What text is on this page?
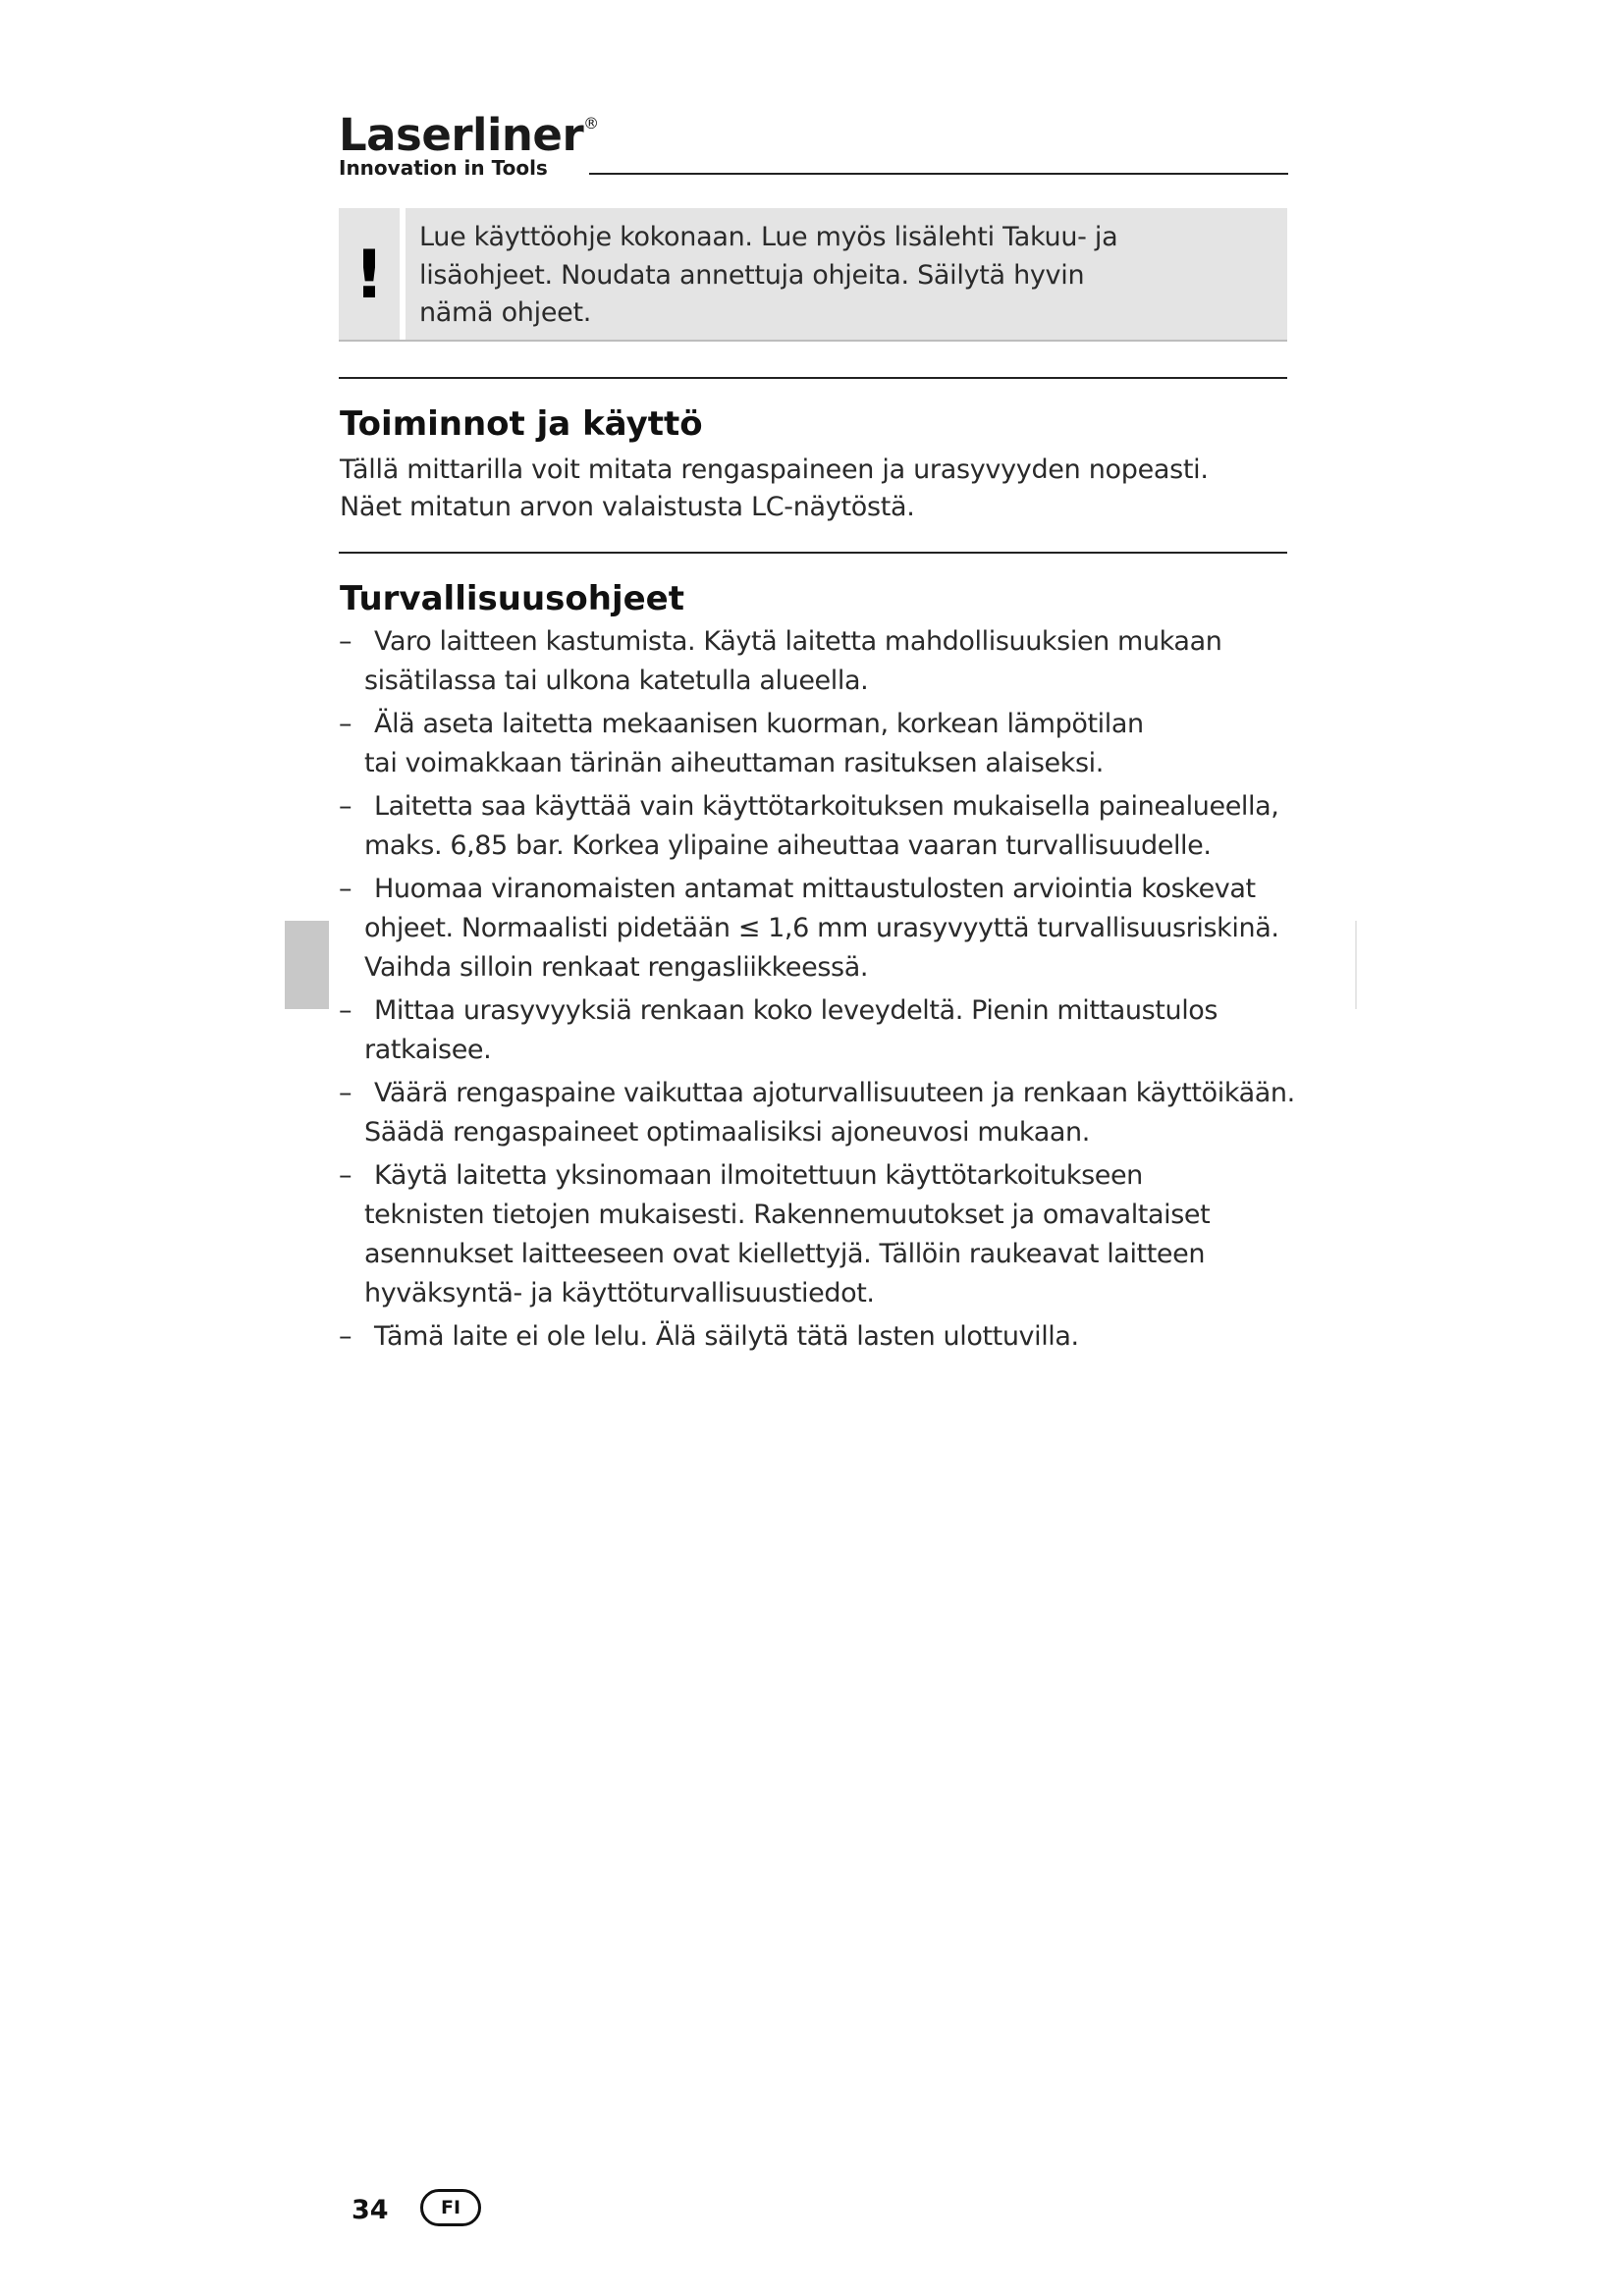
Laserliner®
Innovation in Tools
! Lue käyttöohje kokonaan. Lue myös lisälehti Takuu- ja
lisäohjeet. Noudata annettuja ohjeita. Säilytä hyvin
nämä ohjeet.
Toiminnot ja käyttö
Tällä mittarilla voit mitata rengaspaineen ja urasyvyyden nopeasti.
Näet mitatun arvon valaistusta LC-näytöstä.
Turvallisuusohjeet
– Varo laitteen kastumista. Käytä laitetta mahdollisuuksien mukaan
sisätilassa tai ulkona katetulla alueella.
– Älä aseta laitetta mekaanisen kuorman, korkean lämpötilan
tai voimakkaan tärinän aiheuttaman rasituksen alaiseksi.
– Laitetta saa käyttää vain käyttötarkoituksen mukaisella painealueella,
maks. 6,85 bar. Korkea ylipaine aiheuttaa vaaran turvallisuudelle.
– Huomaa viranomaisten antamat mittaustulosten arviointia koskevat
ohjeet. Normaalisti pidetään ≤ 1,6 mm urasyvyyttä turvallisuusriskinä.
Vaihda silloin renkaat rengasliikkeessä.
– Mittaa urasyvyyksiä renkaan koko leveydeltä. Pienin mittaustulos
ratkaisee.
– Väärä rengaspaine vaikuttaa ajoturvallisuuteen ja renkaan käyttöikään.
Säädä rengaspaineet optimaalisiksi ajoneuvosi mukaan.
– Käytä laitetta yksinomaan ilmoitettuun käyttötarkoitukseen
teknisten tietojen mukaisesti. Rakennemuutokset ja omavaltaiset
asennukset laitteeseen ovat kiellettyjä. Tällöin raukeavat laitteen
hyväksyntä- ja käyttöturvallisuustiedot.
– Tämä laite ei ole lelu. Älä säilytä tätä lasten ulottuvilla.
34	FI
